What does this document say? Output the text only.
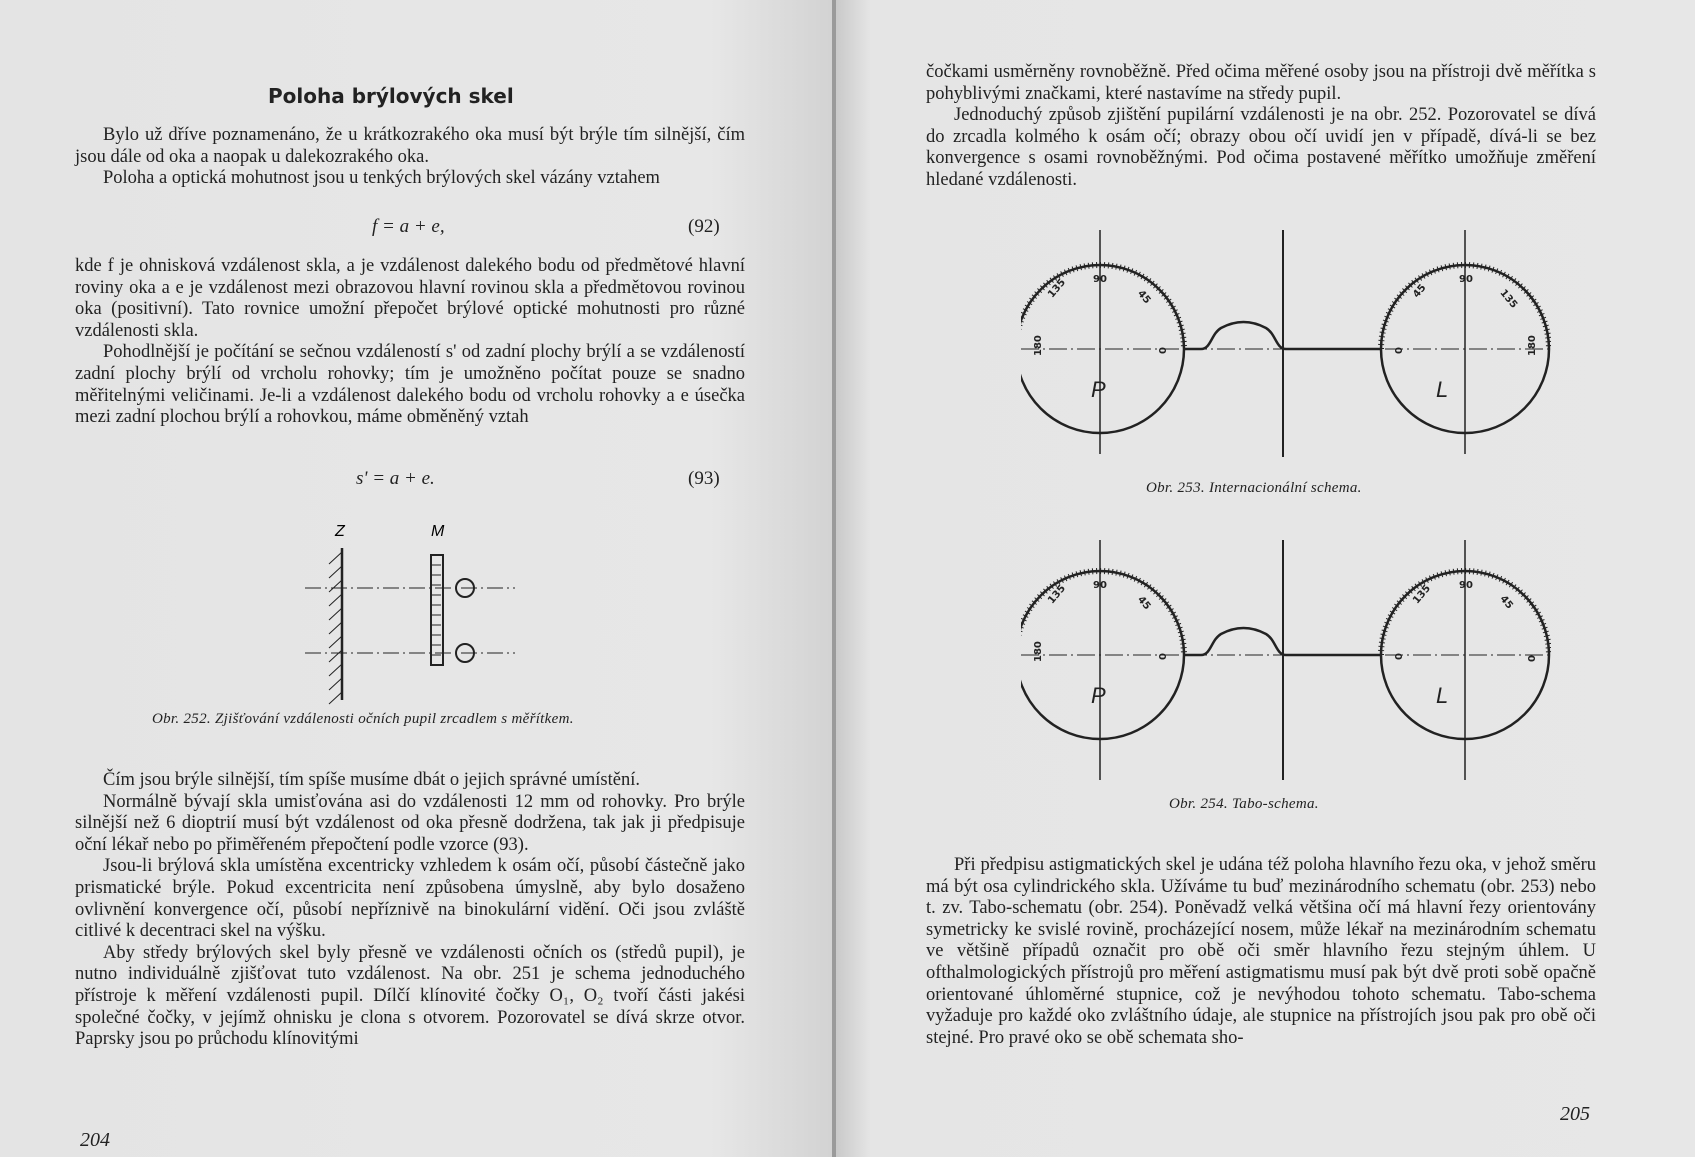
Poloha brýlových skel

Bylo už dříve poznamenáno, že u krátkozrakého oka musí být brýle tím silnější, čím jsou dále od oka a naopak u dalekozrakého oka.

Poloha a optická mohutnost jsou u tenkých brýlových skel vázány vztahem

f = a + e,	(92)

kde f je ohnisková vzdálenost skla, a je vzdálenost dalekého bodu od předmětové hlavní roviny oka a e je vzdálenost mezi obrazovou hlavní rovinou skla a předmětovou rovinou oka (positivní). Tato rovnice umožní přepočet brýlové optické mohutnosti pro různé vzdálenosti skla.

Pohodlnější je počítání se sečnou vzdáleností s' od zadní plochy brýlí a se vzdáleností zadní plochy brýlí od vrcholu rohovky; tím je umožněno počítat pouze se snadno měřitelnými veličinami. Je-li a vzdálenost dalekého bodu od vrcholu rohovky a e úsečka mezi zadní plochou brýlí a rohovkou, máme obměněný vztah

s' = a + e.	(93)
Z	M
Obr. 252. Zjišťování vzdálenosti očních pupil zrcadlem s měřítkem.

Čím jsou brýle silnější, tím spíše musíme dbát o jejich správné umístění.

Normálně bývají skla umisťována asi do vzdálenosti 12 mm od rohovky. Pro brýle silnější než 6 dioptrií musí být vzdálenost od oka přesně dodržena, tak jak ji předpisuje oční lékař nebo po přiměřeném přepočtení podle vzorce (93).

Jsou-li brýlová skla umístěna excentricky vzhledem k osám očí, působí částečně jako prismatické brýle. Pokud excentricita není způsobena úmyslně, aby bylo dosaženo ovlivnění konvergence očí, působí nepříznivě na binokulární vidění. Oči jsou zvláště citlivé k decentraci skel na výšku.

Aby středy brýlových skel byly přesně ve vzdálenosti očních os (středů pupil), je nutno individuálně zjišťovat tuto vzdálenost. Na obr. 251 je schema jednoduchého přístroje k měření vzdálenosti pupil. Dílčí klínovité čočky O₁, O₂ tvoří části jakési společné čočky, v jejímž ohnisku je clona s otvorem. Pozorovatel se dívá skrze otvor. Paprsky jsou po průchodu klínovitými

204

čočkami usměrněny rovnoběžně. Před očima měřené osoby jsou na přístroji dvě měřítka s pohyblivými značkami, které nastavíme na středy pupil.

Jednoduchý způsob zjištění pupilární vzdálenosti je na obr. 252. Pozorovatel se dívá do zrcadla kolmého k osám očí; obrazy obou očí uvidí jen v případě, dívá-li se bez konvergence s osami rovnoběžnými. Pod očima postavené měřítko umožňuje změření hledané vzdálenosti.

180
135	90
45
0	0
45
90
135
180
P	L
Obr. 253. Internacionální schema.
180
135	90
45
0	0
135	90
45
0
P	L
Obr. 254. Tabo-schema.

Při předpisu astigmatických skel je udána též poloha hlavního řezu oka, v jehož směru má být osa cylindrického skla. Užíváme tu buď mezinárodního schematu (obr. 253) nebo t. zv. Tabo-schematu (obr. 254). Poněvadž velká většina očí má hlavní řezy orientovány symetricky ke svislé rovině, procházející nosem, může lékař na mezinárodním schematu ve většině případů označit pro obě oči směr hlavního řezu stejným úhlem. U ofthalmologických přístrojů pro měření astigmatismu musí pak být dvě proti sobě opačně orientované úhloměrné stupnice, což je nevýhodou tohoto schematu. Tabo-schema vyžaduje pro každé oko zvláštního údaje, ale stupnice na přístrojích jsou pak pro obě oči stejné. Pro pravé oko se obě schemata sho-

205
